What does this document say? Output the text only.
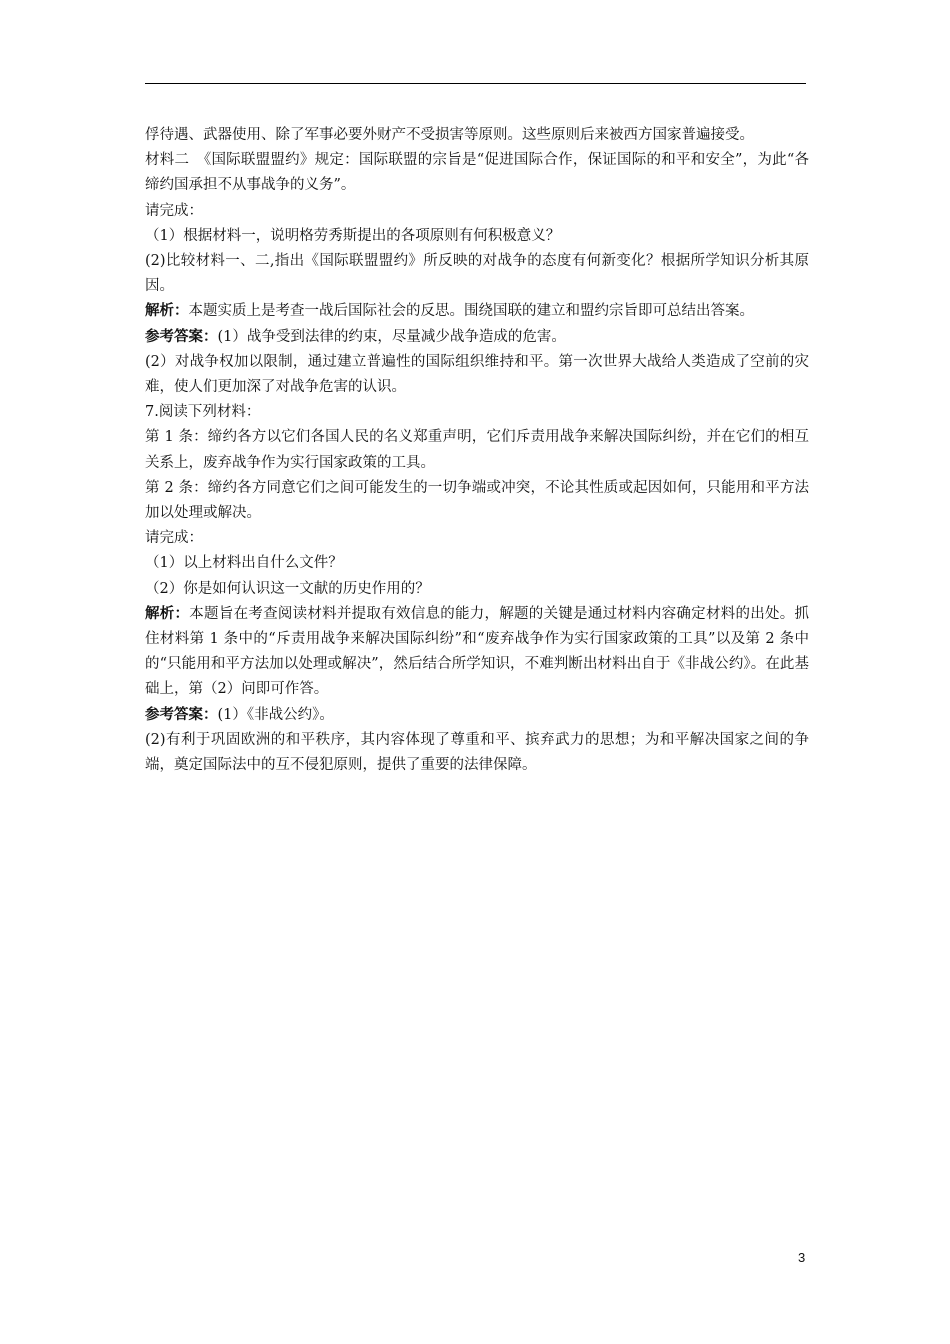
俘待遇、武器使用、除了军事必要外财产不受损害等原则。这些原则后来被西方国家普遍接受。

材料二　《国际联盟盟约》规定：国际联盟的宗旨是“促进国际合作，保证国际的和平和安全”，为此“各缔约国承担不从事战争的义务”。

请完成：

（1）根据材料一，说明格劳秀斯提出的各项原则有何积极意义？

(2)比较材料一、二,指出《国际联盟盟约》所反映的对战争的态度有何新变化？根据所学知识分析其原因。

解析：本题实质上是考查一战后国际社会的反思。围绕国联的建立和盟约宗旨即可总结出答案。

参考答案：(1）战争受到法律的约束，尽量减少战争造成的危害。

(2）对战争权加以限制，通过建立普遍性的国际组织维持和平。第一次世界大战给人类造成了空前的灾难，使人们更加深了对战争危害的认识。

7.阅读下列材料：

第 1 条：缔约各方以它们各国人民的名义郑重声明，它们斥责用战争来解决国际纠纷，并在它们的相互关系上，废弃战争作为实行国家政策的工具。

第 2 条：缔约各方同意它们之间可能发生的一切争端或冲突，不论其性质或起因如何，只能用和平方法加以处理或解决。

请完成：

（1）以上材料出自什么文件？

（2）你是如何认识这一文献的历史作用的？

解析：本题旨在考查阅读材料并提取有效信息的能力，解题的关键是通过材料内容确定材料的出处。抓住材料第 1 条中的“斥责用战争来解决国际纠纷”和“废弃战争作为实行国家政策的工具”以及第 2 条中的“只能用和平方法加以处理或解决”，然后结合所学知识，不难判断出材料出自于《非战公约》。在此基础上，第（2）问即可作答。

参考答案：(1）《非战公约》。

(2)有利于巩固欧洲的和平秩序，其内容体现了尊重和平、摈弃武力的思想；为和平解决国家之间的争端，奠定国际法中的互不侵犯原则，提供了重要的法律保障。

3
